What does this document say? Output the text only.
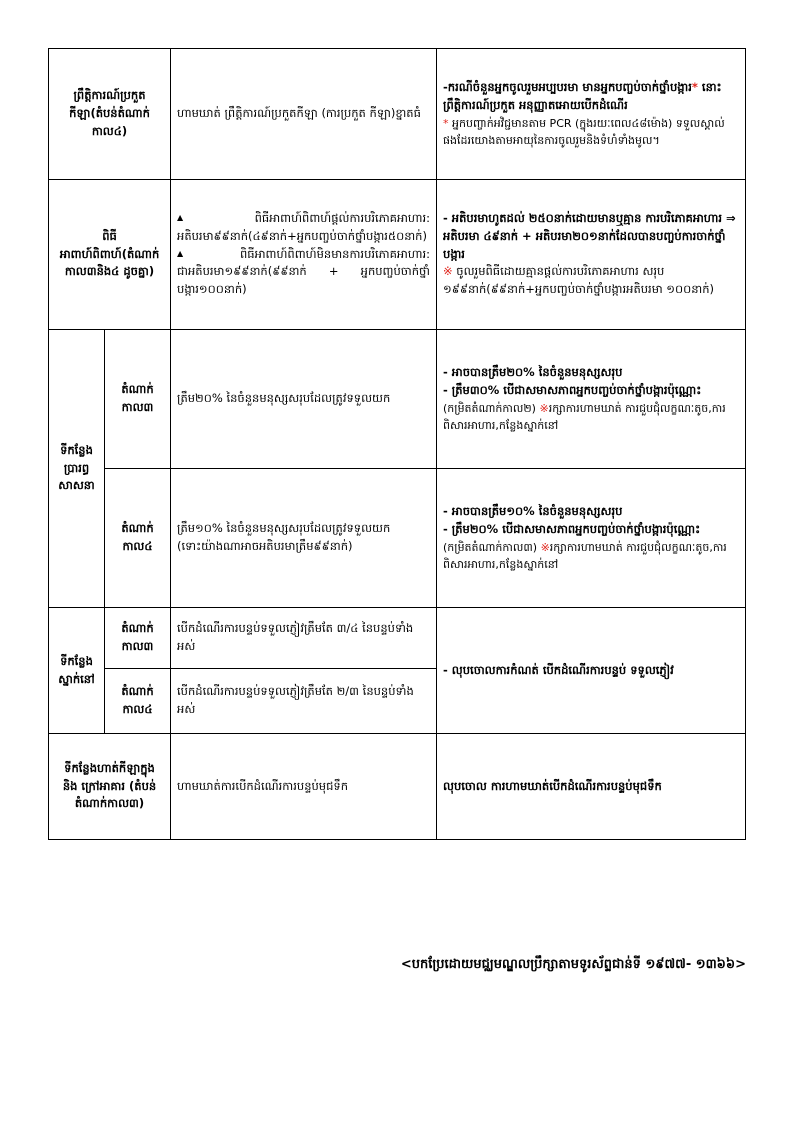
ព្រឹត្តិការណ៍ប្រកួតកីឡា(តំបន់តំណាក់កាល៤)		ហាមឃាត់ ព្រឹត្តិការណ៍ប្រកួតកីឡា (ការប្រកួត កីឡា)ខ្នាតធំ	-ករណីចំនួនអ្នកចូលរួមអប្បបរមា មានអ្នកបញ្ចប់ចាក់ថ្នាំបង្ការ* នោះព្រឹត្តិការណ៍ប្រកួត អនុញ្ញាតអោយបើកដំណើរ
* អ្នកបញ្ចាក់អវិជ្ជមានតាម PCR (ក្នុងរយៈពេល៤៨ម៉ោង) ទទួលស្គាល់ផងដែរយោងតាមអាយុនៃការចូលរួមនិងទំហំទាំងមូល។

ពិធីអាពាហ៍ពិពាហ៍(តំណាក់កាល៣និង៤ ដូចគ្នា)		▲ ពិធីអាពាហ៍ពិពាហ៍ផ្តល់ការបរិភោគអាហារ: អតិបរមា៩៩នាក់(៤៩នាក់+អ្នកបញ្ចប់ចាក់ថ្នាំបង្ការ៥០នាក់)
▲ ពិធីអាពាហ៍ពិពាហ៍មិនមានការបរិភោគអាហារ: ជាអតិបរមា១៩៩នាក់(៩៩នាក់ + អ្នកបញ្ចប់ចាក់ថ្នាំបង្ការ១០០នាក់)	- អតិបរមាហូតដល់ ២៥០នាក់ដោយមានឬគ្មាន ការបរិភោគអាហារ ⇒ អតិបរមា ៤៩នាក់ + អតិបរមា២០១នាក់ដែលបានបញ្ចប់ការចាក់ថ្នាំបង្ការ
※ ចូលរួមពិធីដោយគ្មានផ្តល់ការបរិភោគអាហារ សរុប ១៩៩នាក់(៩៩នាក់+អ្នកបញ្ចប់ចាក់ថ្នាំបង្ការអតិបរមា ១០០នាក់)

ទីកន្លែងប្រារព្ធសាសនា	តំណាក់កាល៣	ត្រឹម២០% នៃចំនួនមនុស្សសរុបដែលត្រូវទទួលយក	- អាចបានត្រឹម២០% នៃចំនួនមនុស្សសរុប
- ត្រឹម៣០% បើជាសមាសភាពអ្នកបញ្ចប់ចាក់ថ្នាំបង្ការប៉ុណ្ណោះ
(កម្រិតតំណាក់កាល២) ※រក្សាការហាមឃាត់ ការជួបជុំលក្ខណៈតូច,ការពិសារអាហារ,កន្លែងស្នាក់នៅ

	តំណាក់កាល៤	ត្រឹម១០% នៃចំនួនមនុស្សសរុបដែលត្រូវទទួលយក
(ទោះយ៉ាងណាអាចអតិបរមាត្រឹម៩៩នាក់)	- អាចបានត្រឹម១០% នៃចំនួនមនុស្សសរុប
- ត្រឹម២០% បើជាសមាសភាពអ្នកបញ្ចប់ចាក់ថ្នាំបង្ការប៉ុណ្ណោះ
(កម្រិតតំណាក់កាល៣) ※រក្សាការហាមឃាត់ ការជួបជុំលក្ខណៈតូច,ការពិសារអាហារ,កន្លែងស្នាក់នៅ

ទីកន្លែងស្នាក់នៅ	តំណាក់កាល៣	បើកដំណើរការបន្ទប់ទទួលភ្ញៀវត្រឹមតែ ៣/៤ នៃបន្ទប់ទាំងអស់	- លុបចោលការកំណត់ បើកដំណើរការបន្ទប់ ទទួលភ្ញៀវ

	តំណាក់កាល៤	បើកដំណើរការបន្ទប់ទទួលភ្ញៀវត្រឹមតែ ២/៣ នៃបន្ទប់ទាំងអស់	
ទីកន្លែងហាត់កីឡាក្នុង និង ក្រៅអាគារ (តំបន់តំណាក់កាល៣)		ហាមឃាត់ការបើកដំណើរការបន្ទប់មុជទឹក	លុបចោល ការហាមឃាត់បើកដំណើរការបន្ទប់មុជទឹក
<បកប្រែដោយមជ្ឈមណ្ឌលប្រឹក្សាតាមទូរស័ព្ទជាន់ទី ១៩៧៧- ១៣៦៦>
